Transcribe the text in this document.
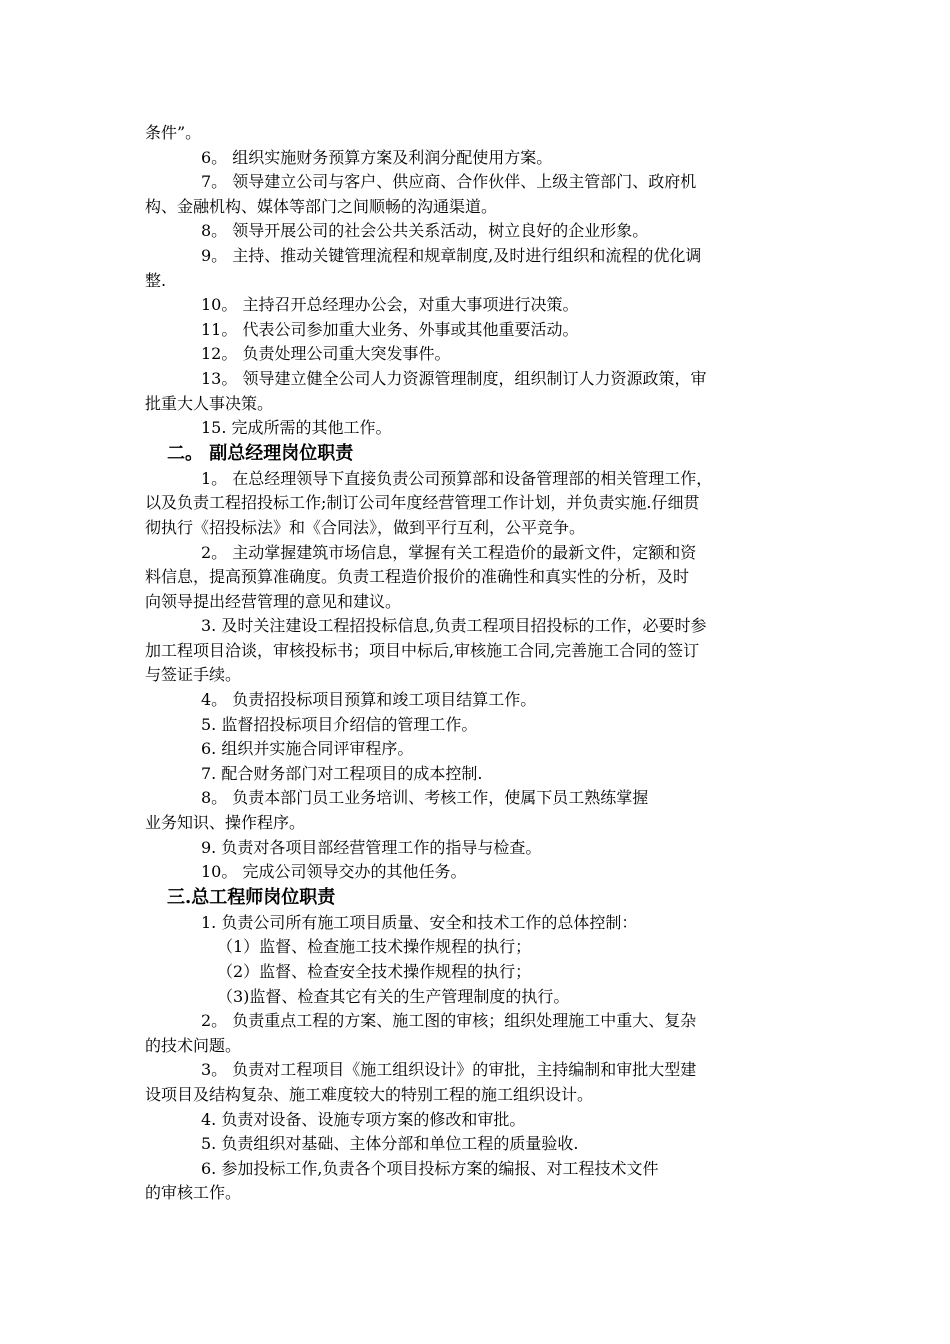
条件”。
6。 组织实施财务预算方案及利润分配使用方案。
7。 领导建立公司与客户、供应商、合作伙伴、上级主管部门、政府机
构、金融机构、媒体等部门之间顺畅的沟通渠道。
8。 领导开展公司的社会公共关系活动，树立良好的企业形象。
9。 主持、推动关键管理流程和规章制度,及时进行组织和流程的优化调
整.
10。 主持召开总经理办公会，对重大事项进行决策。
11。 代表公司参加重大业务、外事或其他重要活动。
12。 负责处理公司重大突发事件。
13。 领导建立健全公司人力资源管理制度，组织制订人力资源政策，审
批重大人事决策。
15. 完成所需的其他工作。
二。 副总经理岗位职责
1。 在总经理领导下直接负责公司预算部和设备管理部的相关管理工作，
以及负责工程招投标工作;制订公司年度经营管理工作计划，并负责实施.仔细贯
彻执行《招投标法》和《合同法》，做到平行互利，公平竞争。
2。 主动掌握建筑市场信息，掌握有关工程造价的最新文件，定额和资
料信息，提高预算准确度。负责工程造价报价的准确性和真实性的分析，及时
向领导提出经营管理的意见和建议。
3. 及时关注建设工程招投标信息,负责工程项目招投标的工作，必要时参
加工程项目洽谈，审核投标书；项目中标后,审核施工合同,完善施工合同的签订
与签证手续。
4。 负责招投标项目预算和竣工项目结算工作。
5. 监督招投标项目介绍信的管理工作。
6. 组织并实施合同评审程序。
7. 配合财务部门对工程项目的成本控制.
8。 负责本部门员工业务培训、考核工作，使属下员工熟练掌握
业务知识、操作程序。
9. 负责对各项目部经营管理工作的指导与检查。
10。 完成公司领导交办的其他任务。
三.总工程师岗位职责
1. 负责公司所有施工项目质量、安全和技术工作的总体控制：
（1）监督、检查施工技术操作规程的执行；
（2）监督、检查安全技术操作规程的执行；
（3)监督、检查其它有关的生产管理制度的执行。
2。 负责重点工程的方案、施工图的审核；组织处理施工中重大、复杂
的技术问题。
3。 负责对工程项目《施工组织设计》的审批，主持编制和审批大型建
设项目及结构复杂、施工难度较大的特别工程的施工组织设计。
4. 负责对设备、设施专项方案的修改和审批。
5. 负责组织对基础、主体分部和单位工程的质量验收.
6. 参加投标工作,负责各个项目投标方案的编报、对工程技术文件
的审核工作。
